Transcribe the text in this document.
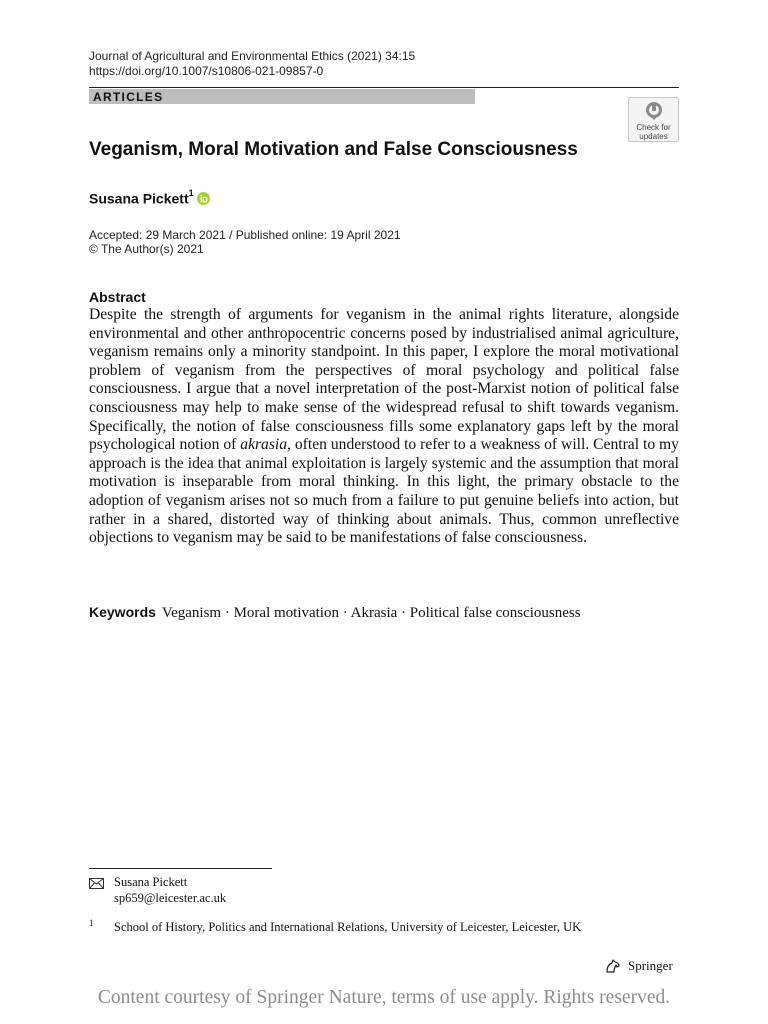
Journal of Agricultural and Environmental Ethics (2021) 34:15
https://doi.org/10.1007/s10806-021-09857-0
ARTICLES
Check for updates
Veganism, Moral Motivation and False Consciousness
Susana Pickett$^1$
Accepted: 29 March 2021 / Published online: 19 April 2021
© The Author(s) 2021
Abstract
Despite the strength of arguments for veganism in the animal rights literature, alongside environmental and other anthropocentric concerns posed by industrialised animal agriculture, veganism remains only a minority standpoint. In this paper, I explore the moral motivational problem of veganism from the perspectives of moral psychology and political false consciousness. I argue that a novel interpretation of the post-Marxist notion of political false consciousness may help to make sense of the widespread refusal to shift towards veganism. Specifically, the notion of false consciousness fills some explanatory gaps left by the moral psychological notion of akrasia, often understood to refer to a weakness of will. Central to my approach is the idea that animal exploitation is largely systemic and the assumption that moral motivation is inseparable from moral thinking. In this light, the primary obstacle to the adoption of veganism arises not so much from a failure to put genuine beliefs into action, but rather in a shared, distorted way of thinking about animals. Thus, common unreflective objections to veganism may be said to be manifestations of false consciousness.
Keywords Veganism · Moral motivation · Akrasia · Political false consciousness
Susana Pickett
sp659@leicester.ac.uk
1 School of History, Politics and International Relations, University of Leicester, Leicester, UK
Springer
Content courtesy of Springer Nature, terms of use apply. Rights reserved.
